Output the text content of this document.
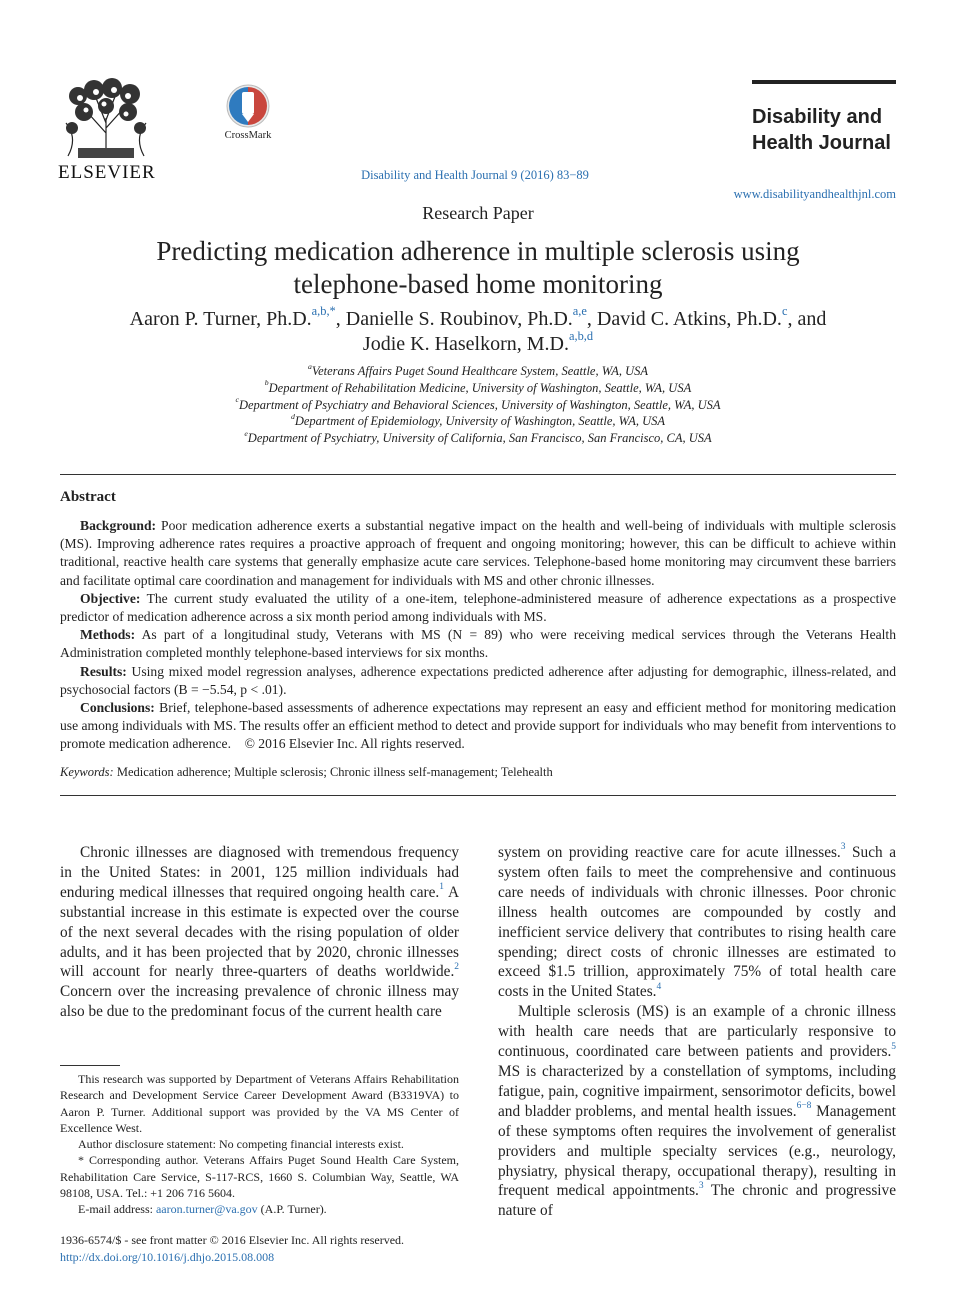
ELSEVIER
CrossMark
Disability and Health Journal 9 (2016) 83−89
Disability and
Health Journal
www.disabilityandhealthjnl.com
Research Paper
Predicting medication adherence in multiple sclerosis using
telephone-based home monitoring
Aaron P. Turner, Ph.D.$^{a,b,*}$, Danielle S. Roubinov, Ph.D.$^{a,e}$, David C. Atkins, Ph.D.$^c$, and
Jodie K. Haselkorn, M.D.$^{a,b,d}$
$^a$Veterans Affairs Puget Sound Healthcare System, Seattle, WA, USA
$^b$Department of Rehabilitation Medicine, University of Washington, Seattle, WA, USA
$^c$Department of Psychiatry and Behavioral Sciences, University of Washington, Seattle, WA, USA
$^d$Department of Epidemiology, University of Washington, Seattle, WA, USA
$^e$Department of Psychiatry, University of California, San Francisco, San Francisco, CA, USA
Abstract

Background: Poor medication adherence exerts a substantial negative impact on the health and well-being of individuals with multiple sclerosis (MS). Improving adherence rates requires a proactive approach of frequent and ongoing monitoring; however, this can be difficult to achieve within traditional, reactive health care systems that generally emphasize acute care services. Telephone-based home monitoring may circumvent these barriers and facilitate optimal care coordination and management for individuals with MS and other chronic illnesses.

Objective: The current study evaluated the utility of a one-item, telephone-administered measure of adherence expectations as a prospective predictor of medication adherence across a six month period among individuals with MS.

Methods: As part of a longitudinal study, Veterans with MS (N = 89) who were receiving medical services through the Veterans Health Administration completed monthly telephone-based interviews for six months.

Results: Using mixed model regression analyses, adherence expectations predicted adherence after adjusting for demographic, illness-related, and psychosocial factors (B = −5.54, p < .01).

Conclusions: Brief, telephone-based assessments of adherence expectations may represent an easy and efficient method for monitoring medication use among individuals with MS. The results offer an efficient method to detect and provide support for individuals who may benefit from interventions to promote medication adherence. © 2016 Elsevier Inc. All rights reserved.

Keywords: Medication adherence; Multiple sclerosis; Chronic illness self-management; Telehealth

Chronic illnesses are diagnosed with tremendous frequency in the United States: in 2001, 125 million individuals had enduring medical illnesses that required ongoing health care.$^1$ A substantial increase in this estimate is expected over the course of the next several decades with the rising population of older adults, and it has been projected that by 2020, chronic illnesses will account for nearly three-quarters of deaths worldwide.$^2$ Concern over the increasing prevalence of chronic illness may also be due to the predominant focus of the current health care

system on providing reactive care for acute illnesses.$^3$ Such a system often fails to meet the comprehensive and continuous care needs of individuals with chronic illnesses. Poor chronic illness health outcomes are compounded by costly and inefficient service delivery that contributes to rising health care spending; direct costs of chronic illnesses are estimated to exceed $1.5 trillion, approximately 75% of total health care costs in the United States.$^4$

Multiple sclerosis (MS) is an example of a chronic illness with health care needs that are particularly responsive to continuous, coordinated care between patients and providers.$^5$ MS is characterized by a constellation of symptoms, including fatigue, pain, cognitive impairment, sensorimotor deficits, bowel and bladder problems, and mental health issues.$^{6-8}$ Management of these symptoms often requires the involvement of generalist providers and multiple specialty services (e.g., neurology, physiatry, physical therapy, occupational therapy), resulting in frequent medical appointments.$^3$ The chronic and progressive nature of

This research was supported by Department of Veterans Affairs Rehabilitation Research and Development Service Career Development Award (B3319VA) to Aaron P. Turner. Additional support was provided by the VA MS Center of Excellence West.

Author disclosure statement: No competing financial interests exist.

* Corresponding author. Veterans Affairs Puget Sound Health Care System, Rehabilitation Care Service, S-117-RCS, 1660 S. Columbian Way, Seattle, WA 98108, USA. Tel.: +1 206 716 5604.

E-mail address: aaron.turner@va.gov (A.P. Turner).

1936-6574/$ - see front matter © 2016 Elsevier Inc. All rights reserved.
http://dx.doi.org/10.1016/j.dhjo.2015.08.008
